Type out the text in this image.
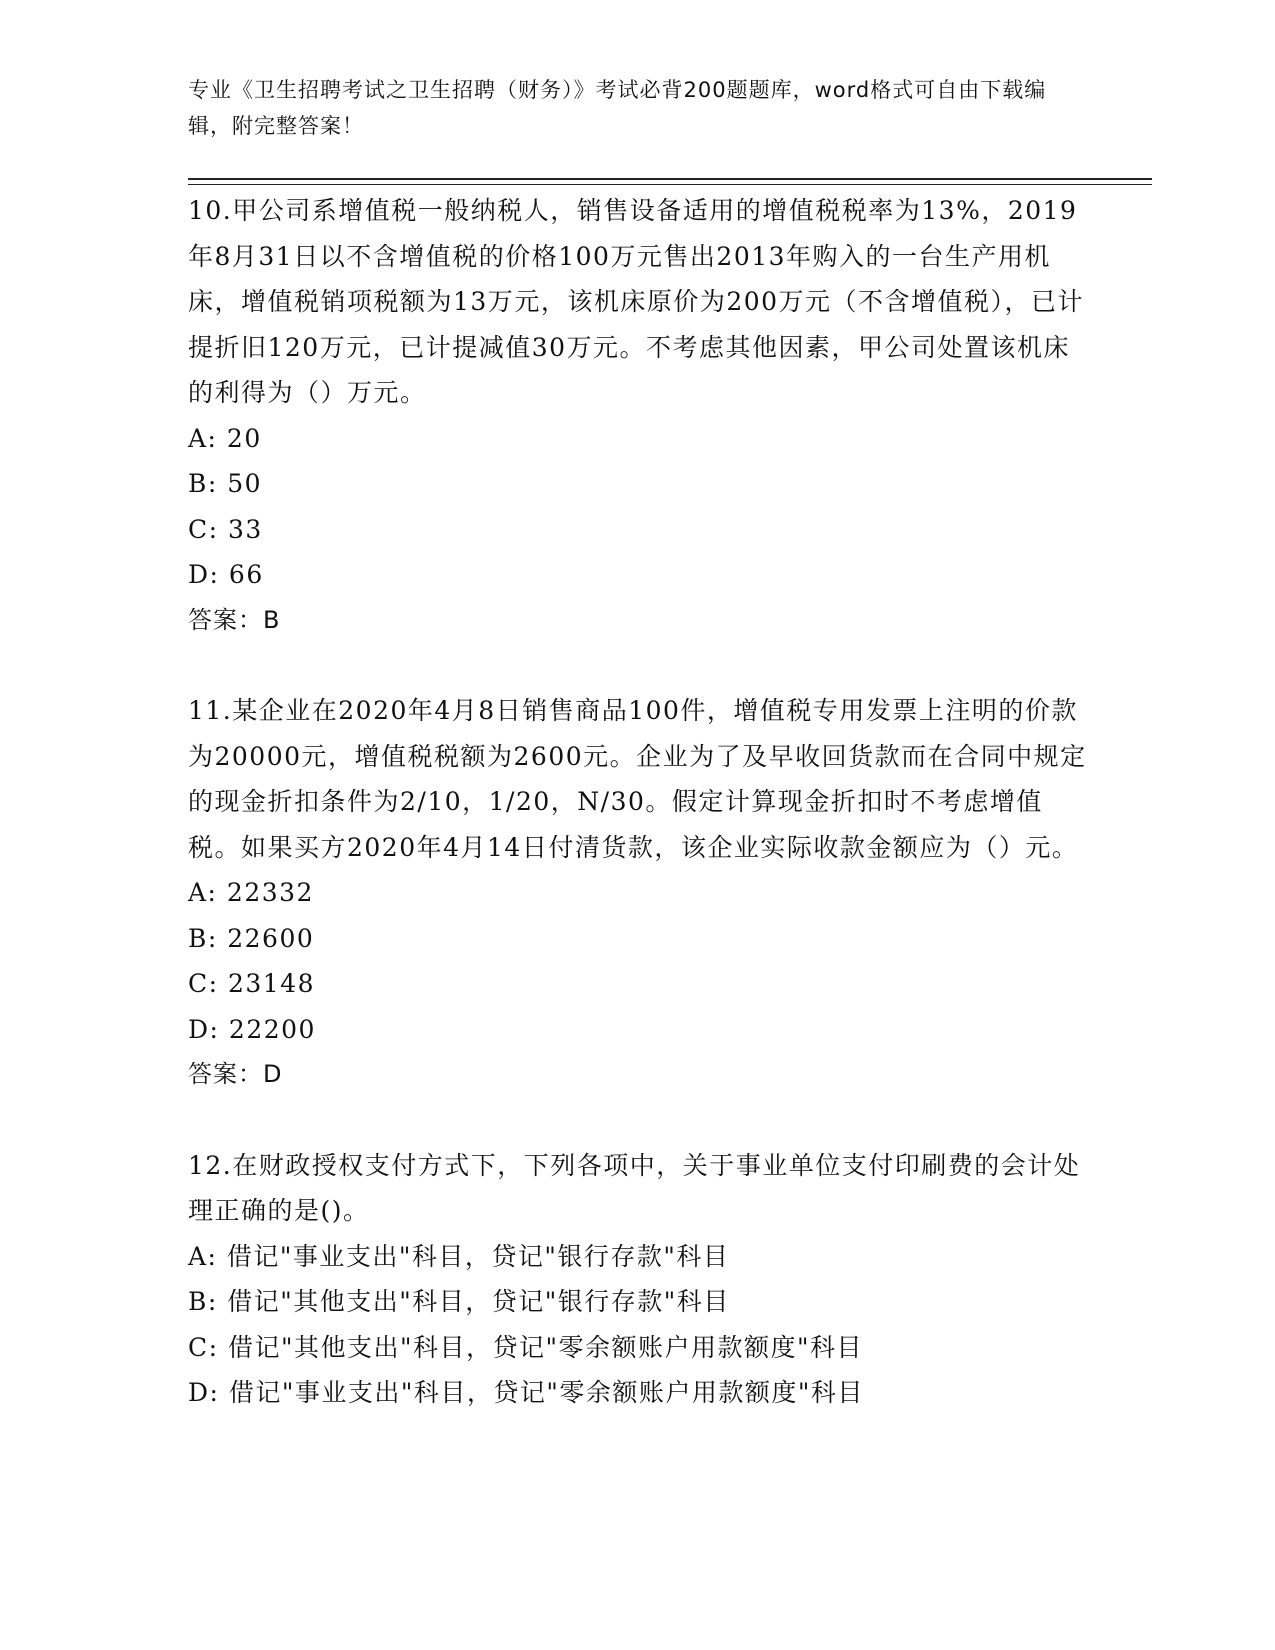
专业《卫生招聘考试之卫生招聘（财务）》考试必背200题题库，word格式可自由下载编辑，附完整答案！
10.甲公司系增值税一般纳税人，销售设备适用的增值税税率为13%，2019年8月31日以不含增值税的价格100万元售出2013年购入的一台生产用机床，增值税销项税额为13万元，该机床原价为200万元（不含增值税），已计提折旧120万元，已计提减值30万元。不考虑其他因素，甲公司处置该机床的利得为（）万元。
A: 20
B: 50
C: 33
D: 66
答案：B
11.某企业在2020年4月8日销售商品100件，增值税专用发票上注明的价款为20000元，增值税税额为2600元。企业为了及早收回货款而在合同中规定的现金折扣条件为2/10，1/20，N/30。假定计算现金折扣时不考虑增值税。如果买方2020年4月14日付清货款，该企业实际收款金额应为（）元。
A: 22332
B: 22600
C: 23148
D: 22200
答案：D
12.在财政授权支付方式下，下列各项中，关于事业单位支付印刷费的会计处理正确的是()。
A: 借记"事业支出"科目，贷记"银行存款"科目
B: 借记"其他支出"科目，贷记"银行存款"科目
C: 借记"其他支出"科目，贷记"零余额账户用款额度"科目
D: 借记"事业支出"科目，贷记"零余额账户用款额度"科目
